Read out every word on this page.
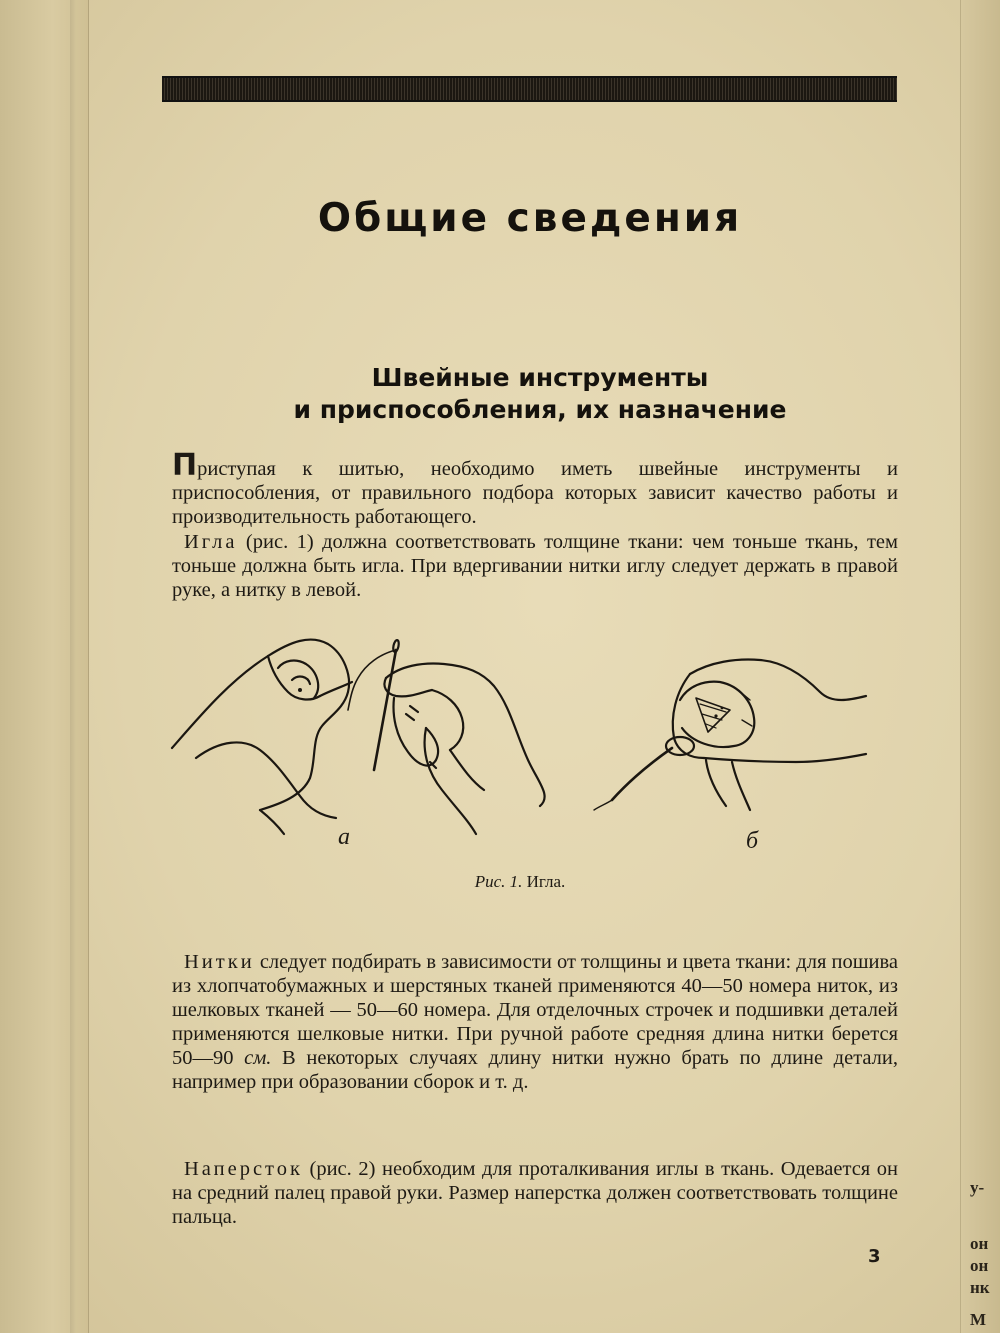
у-
он
он
нк
М
Общие сведения
Швейные инструменты
и приспособления, их назначение
Приступая к шитью, необходимо иметь швейные инструменты и приспособления, от правильного подбора которых зависит качество работы и производительность работающего.
Игла (рис. 1) должна соответствовать толщине ткани: чем тоньше ткань, тем тоньше должна быть игла. При вдергивании нитки иглу следует держать в правой руке, а нитку в левой.
а	б
Рис. 1. Игла.
Нитки следует подбирать в зависимости от толщины и цвета ткани: для пошива из хлопчатобумажных и шерстяных тканей применяются 40—50 номера ниток, из шелковых тканей — 50—60 номера. Для отделочных строчек и подшивки деталей применяются шелковые нитки. При ручной работе средняя длина нитки берется 50—90 см. В некоторых случаях длину нитки нужно брать по длине детали, например при образовании сборок и т. д.
Наперсток (рис. 2) необходим для проталкивания иглы в ткань. Одевается он на средний палец правой руки. Размер наперстка должен соответствовать толщине пальца.
3
